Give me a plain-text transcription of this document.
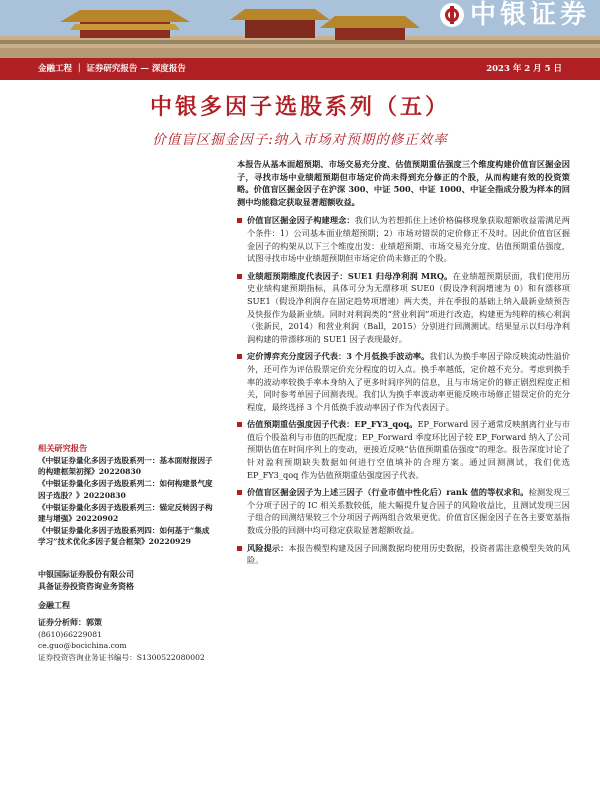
中银证券
金融工程 ｜ 证券研究报告 — 深度报告	2023 年 2 月 5 日
中银多因子选股系列（五）
价值盲区掘金因子:纳入市场对预期的修正效率

本报告从基本面超预期、市场交易充分度、估值预期重估强度三个维度构建价值盲区掘金因子，寻找市场中业绩超预期但市场定价尚未得到充分修正的个股，从而构建有效的投资策略。价值盲区掘金因子在沪深 300、中证 500、中证 1000、中证全指成分股为样本的回测中均能稳定获取显著超额收益。

价值盲区掘金因子构建理念：我们认为若想抓住上述价格偏移现象获取超额收益需满足两个条件：1）公司基本面业绩超预期；2）市场对错误的定价修正不及时。因此价值盲区掘金因子的构架从以下三个维度出发：业绩超预期、市场交易充分度、估值预期重估强度，试图寻找市场中业绩超预期但市场定价尚未修正的个股。
业绩超预期维度代表因子：SUE1 归母净利润 MRQ。在业绩超预期层面，我们使用历史业绩构建预期指标，具体可分为无漂移项 SUE0（假设净利润增速为 0）和有漂移项 SUE1（假设净利润存在固定趋势项增速）两大类，并在季报的基础上纳入最新业绩预告及快报作为最新业绩。同时对利润类的“营业利润”项进行改造，构建更为纯粹的核心利润（张新民，2014）和营业利润（Ball，2015）分别进行回测测试。结果显示以归母净利润构建的带漂移项的 SUE1 因子表现最好。
定价博弈充分度因子代表：3 个月低换手波动率。我们认为换手率因子除反映流动性溢价外，还可作为评估股票定价充分程度的切入点。换手率越低，定价越不充分。考虑到换手率的波动率较换手率本身纳入了更多时间序列的信息，且与市场定价的修正剧烈程度正相关，同时参考单因子回测表现。我们认为换手率波动率更能反映市场修正错误定价的充分程度，最终选择 3 个月低换手波动率因子作为代表因子。
估值预期重估强度因子代表：EP_FY3_qoq。EP_Forward 因子通常反映割离行业与市值后个股盈利与市值的匹配度；EP_Forward 季度环比因子较 EP_Forward 纳入了公司预期估值在时间序列上的变动，更接近反映“估值预期重估强度”的理念。报告深度讨论了针对盈利预期缺失数据如何进行空值填补的合理方案。通过回测测试，我们优选 EP_FY3_qoq 作为估值预期重估强度因子代表。
价值盲区掘金因子为上述三因子（行业市值中性化后）rank 值的等权求和。检测发现三个分项子因子的 IC 相关系数较低，能大幅提升复合因子的风险收益比，且测试发现三因子组合的回测结果较三个分项因子两两组合效果更优。价值盲区掘金因子在各主要宽基指数成分股的回测中均可稳定获取显著超额收益。
风险提示：本报告模型构建及因子回测数据均使用历史数据，投资者需注意模型失效的风险。
相关研究报告

《中银证券量化多因子选股系列一：基本面财报因子的构建框架初探》20220830

《中银证券量化多因子选股系列二：如何构建景气度因子选股？》20220830

《中银证券量化多因子选股系列三：锚定反转因子构建与增强》20220902

《中银证券量化多因子选股系列四：如何基于“集成学习”技术优化多因子复合框架》20220929

中银国际证券股份有限公司

具备证券投资咨询业务资格

金融工程

证券分析师：郭策

(8610)66229081

ce.guo@bocichina.com

证券投资咨询业务证书编号：S1300522080002
